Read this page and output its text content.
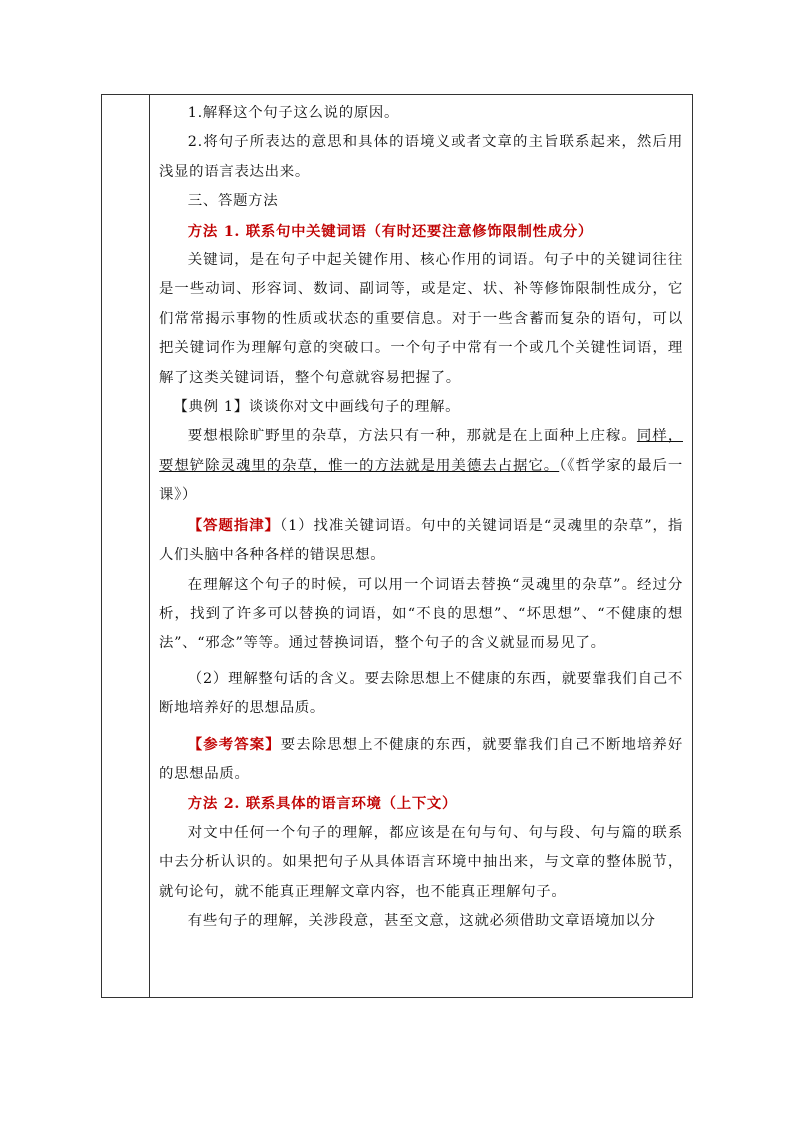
1.解释这个句子这么说的原因。

2.将句子所表达的意思和具体的语境义或者文章的主旨联系起来，然后用浅显的语言表达出来。

三、答题方法

方法 1. 联系句中关键词语（有时还要注意修饰限制性成分）

关键词，是在句子中起关键作用、核心作用的词语。句子中的关键词往往是一些动词、形容词、数词、副词等，或是定、状、补等修饰限制性成分，它们常常揭示事物的性质或状态的重要信息。对于一些含蓄而复杂的语句，可以把关键词作为理解句意的突破口。一个句子中常有一个或几个关键性词语，理解了这类关键词语，整个句意就容易把握了。

【典例 1】谈谈你对文中画线句子的理解。

要想根除旷野里的杂草，方法只有一种，那就是在上面种上庄稼。同样，要想铲除灵魂里的杂草，惟一的方法就是用美德去占据它。（《哲学家的最后一课》）

【答题指津】（1）找准关键词语。句中的关键词语是“灵魂里的杂草”，指人们头脑中各种各样的错误思想。

在理解这个句子的时候，可以用一个词语去替换“灵魂里的杂草”。经过分析，找到了许多可以替换的词语，如“不良的思想”、“坏思想”、“不健康的想法”、“邪念”等等。通过替换词语，整个句子的含义就显而易见了。

（2）理解整句话的含义。要去除思想上不健康的东西，就要靠我们自己不断地培养好的思想品质。

【参考答案】要去除思想上不健康的东西，就要靠我们自己不断地培养好的思想品质。

方法 2. 联系具体的语言环境（上下文）

对文中任何一个句子的理解，都应该是在句与句、句与段、句与篇的联系中去分析认识的。如果把句子从具体语言环境中抽出来，与文章的整体脱节，就句论句，就不能真正理解文章内容，也不能真正理解句子。

有些句子的理解，关涉段意，甚至文意，这就必须借助文章语境加以分
